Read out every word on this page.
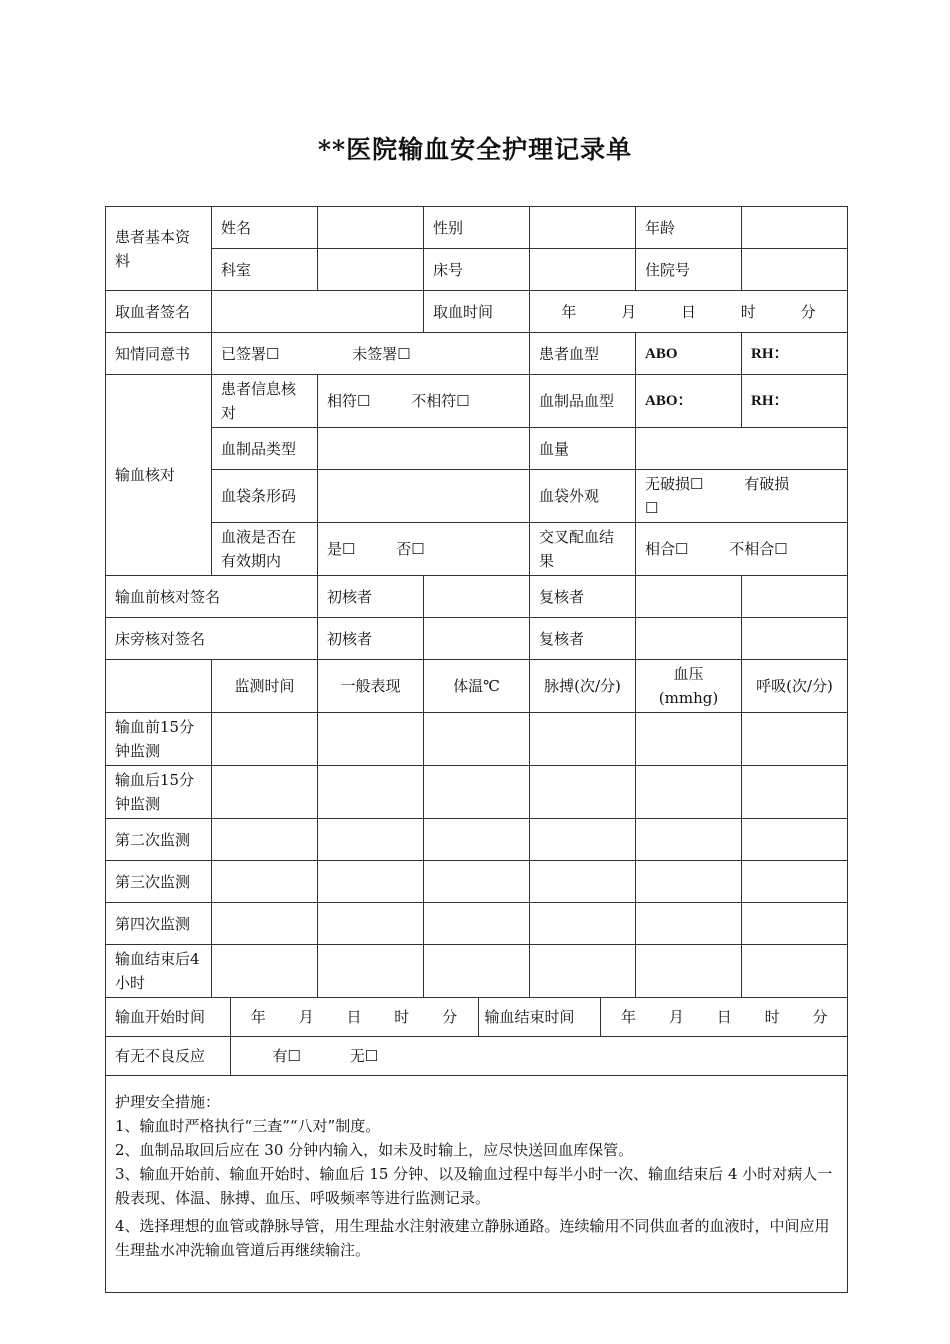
**医院输血安全护理记录单
患者基本资料	姓名		性别		年龄	
科室		床号		住院号	
取血者签名		取血时间	年	月	日	时	分

知情同意书	已签署☐	未签署☐	患者血型	ABO	RH：
输血核对	患者信息核对	相符☐	不相符☐	血制品血型	ABO：	RH：
血制品类型		血量	
血袋条形码		血袋外观	无破损☐	有破损☐
血液是否在有效期内	是☐	否☐	交叉配血结果	相合☐	不相合☐
输血前核对签名	初核者		复核者		
床旁核对签名	初核者		复核者		
	监测时间	一般表现	体温℃	脉搏(次/分)	血压(mmhg)	呼吸(次/分)
输血前15分钟监测						
输血后15分钟监测						
第二次监测						
第三次监测						
第四次监测						
输血结束后4小时						

输血开始时间	年 月 日 时 分	输血结束时间	年 月 日 时 分

有无不良反应	有☐	无☐

护理安全措施：
1、输血时严格执行“三查”“八对”制度。
2、血制品取回后应在 30 分钟内输入，如未及时输上，应尽快送回血库保管。
3、输血开始前、输血开始时、输血后 15 分钟、以及输血过程中每半小时一次、输血结束后 4 小时对病人一般表现、体温、脉搏、血压、呼吸频率等进行监测记录。
4、选择理想的血管或静脉导管，用生理盐水注射液建立静脉通路。连续输用不同供血者的血液时，中间应用生理盐水冲洗输血管道后再继续输注。
